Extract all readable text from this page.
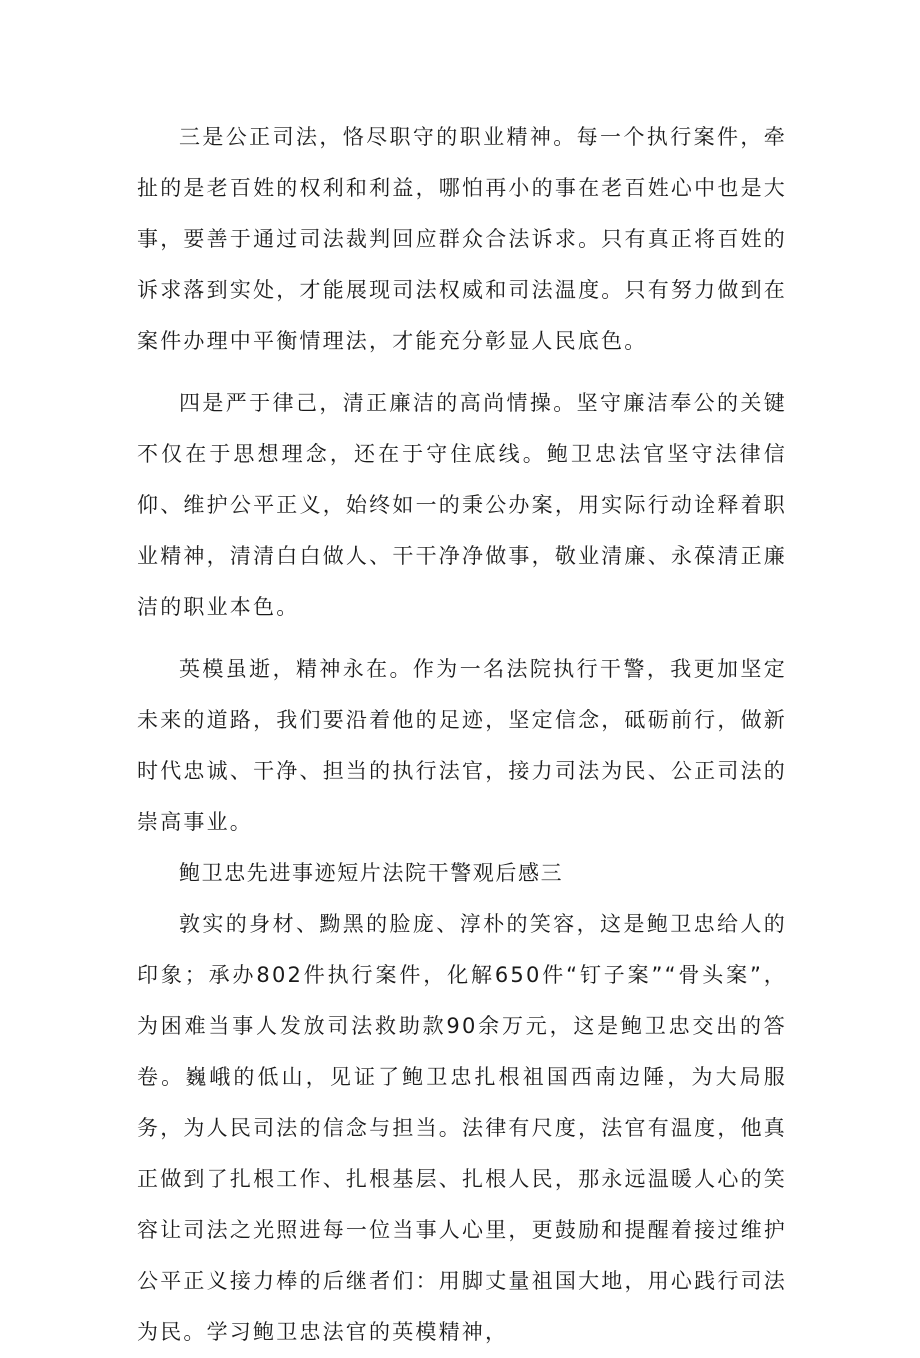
三是公正司法，恪尽职守的职业精神。每一个执行案件，牵扯的是老百姓的权利和利益，哪怕再小的事在老百姓心中也是大事，要善于通过司法裁判回应群众合法诉求。只有真正将百姓的诉求落到实处，才能展现司法权威和司法温度。只有努力做到在案件办理中平衡情理法，才能充分彰显人民底色。

四是严于律己，清正廉洁的高尚情操。坚守廉洁奉公的关键不仅在于思想理念，还在于守住底线。鲍卫忠法官坚守法律信仰、维护公平正义，始终如一的秉公办案，用实际行动诠释着职业精神，清清白白做人、干干净净做事，敬业清廉、永葆清正廉洁的职业本色。

英模虽逝，精神永在。作为一名法院执行干警，我更加坚定未来的道路，我们要沿着他的足迹，坚定信念，砥砺前行，做新时代忠诚、干净、担当的执行法官，接力司法为民、公正司法的崇高事业。

鲍卫忠先进事迹短片法院干警观后感三

敦实的身材、黝黑的脸庞、淳朴的笑容，这是鲍卫忠给人的印象；承办802件执行案件，化解650件“钉子案”“骨头案”，为困难当事人发放司法救助款90余万元，这是鲍卫忠交出的答卷。巍峨的低山，见证了鲍卫忠扎根祖国西南边陲，为大局服务，为人民司法的信念与担当。法律有尺度，法官有温度，他真正做到了扎根工作、扎根基层、扎根人民，那永远温暖人心的笑容让司法之光照进每一位当事人心里，更鼓励和提醒着接过维护公平正义接力棒的后继者们：用脚丈量祖国大地，用心践行司法为民。学习鲍卫忠法官的英模精神，
